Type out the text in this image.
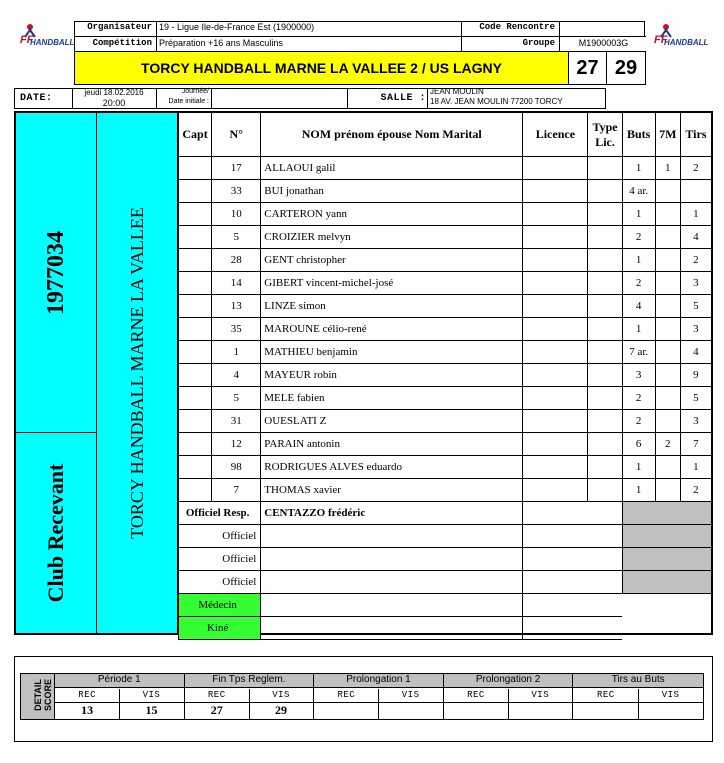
FF
HANDBALL
Organisateur 19 - Ligue Ile-de-France Est (1900000)	Code Rencontre
Compétition Préparation +16 ans Masculins	Groupe	M1900003G
TORCY HANDBALL MARNE LA VALLEE 2 / US LAGNY	27 29
FF
HANDBALL
DATE:
jeudi 18.02.2016
20:00
Journée/
Date initiale :	SALLE :
JEAN MOULIN
18 AV. JEAN MOULIN 77200 TORCY
1977034
Club Recevant	TORCY HANDBALL MARNE LA VALLEE
Capt	N°	NOM prénom épouse Nom Marital	Licence	Type
Lic.	Buts	7M	Tirs
	17	ALLAOUI galil			1	1	2
	33	BUI jonathan			4 ar.		
	10	CARTERON yann			1		1
	5	CROIZIER melvyn			2		4
	28	GENT christopher			1		2
	14	GIBERT vincent-michel-josé			2		3
	13	LINZE simon			4		5
	35	MAROUNE célio-rené			1		3
	1	MATHIEU benjamin			7 ar.		4
	4	MAYEUR robin			3		9
	5	MELE fabien			2		5
	31	OUESLATI Z			2		3
	12	PARAIN antonin			6	2	7
	98	RODRIGUES ALVES eduardo			1		1
	7	THOMAS xavier			1		2
Officiel Resp.		CENTAZZO frédéric					
Officiel							
Officiel							
Officiel							
Médecin							
Kiné							
DETAIL SCORE	Période 1
REC	VIS
13	15
Fin Tps Reglem.
REC	VIS
27	29
Prolongation 1
REC	VIS
Prolongation 2
REC	VIS
Tirs au Buts
REC	VIS
